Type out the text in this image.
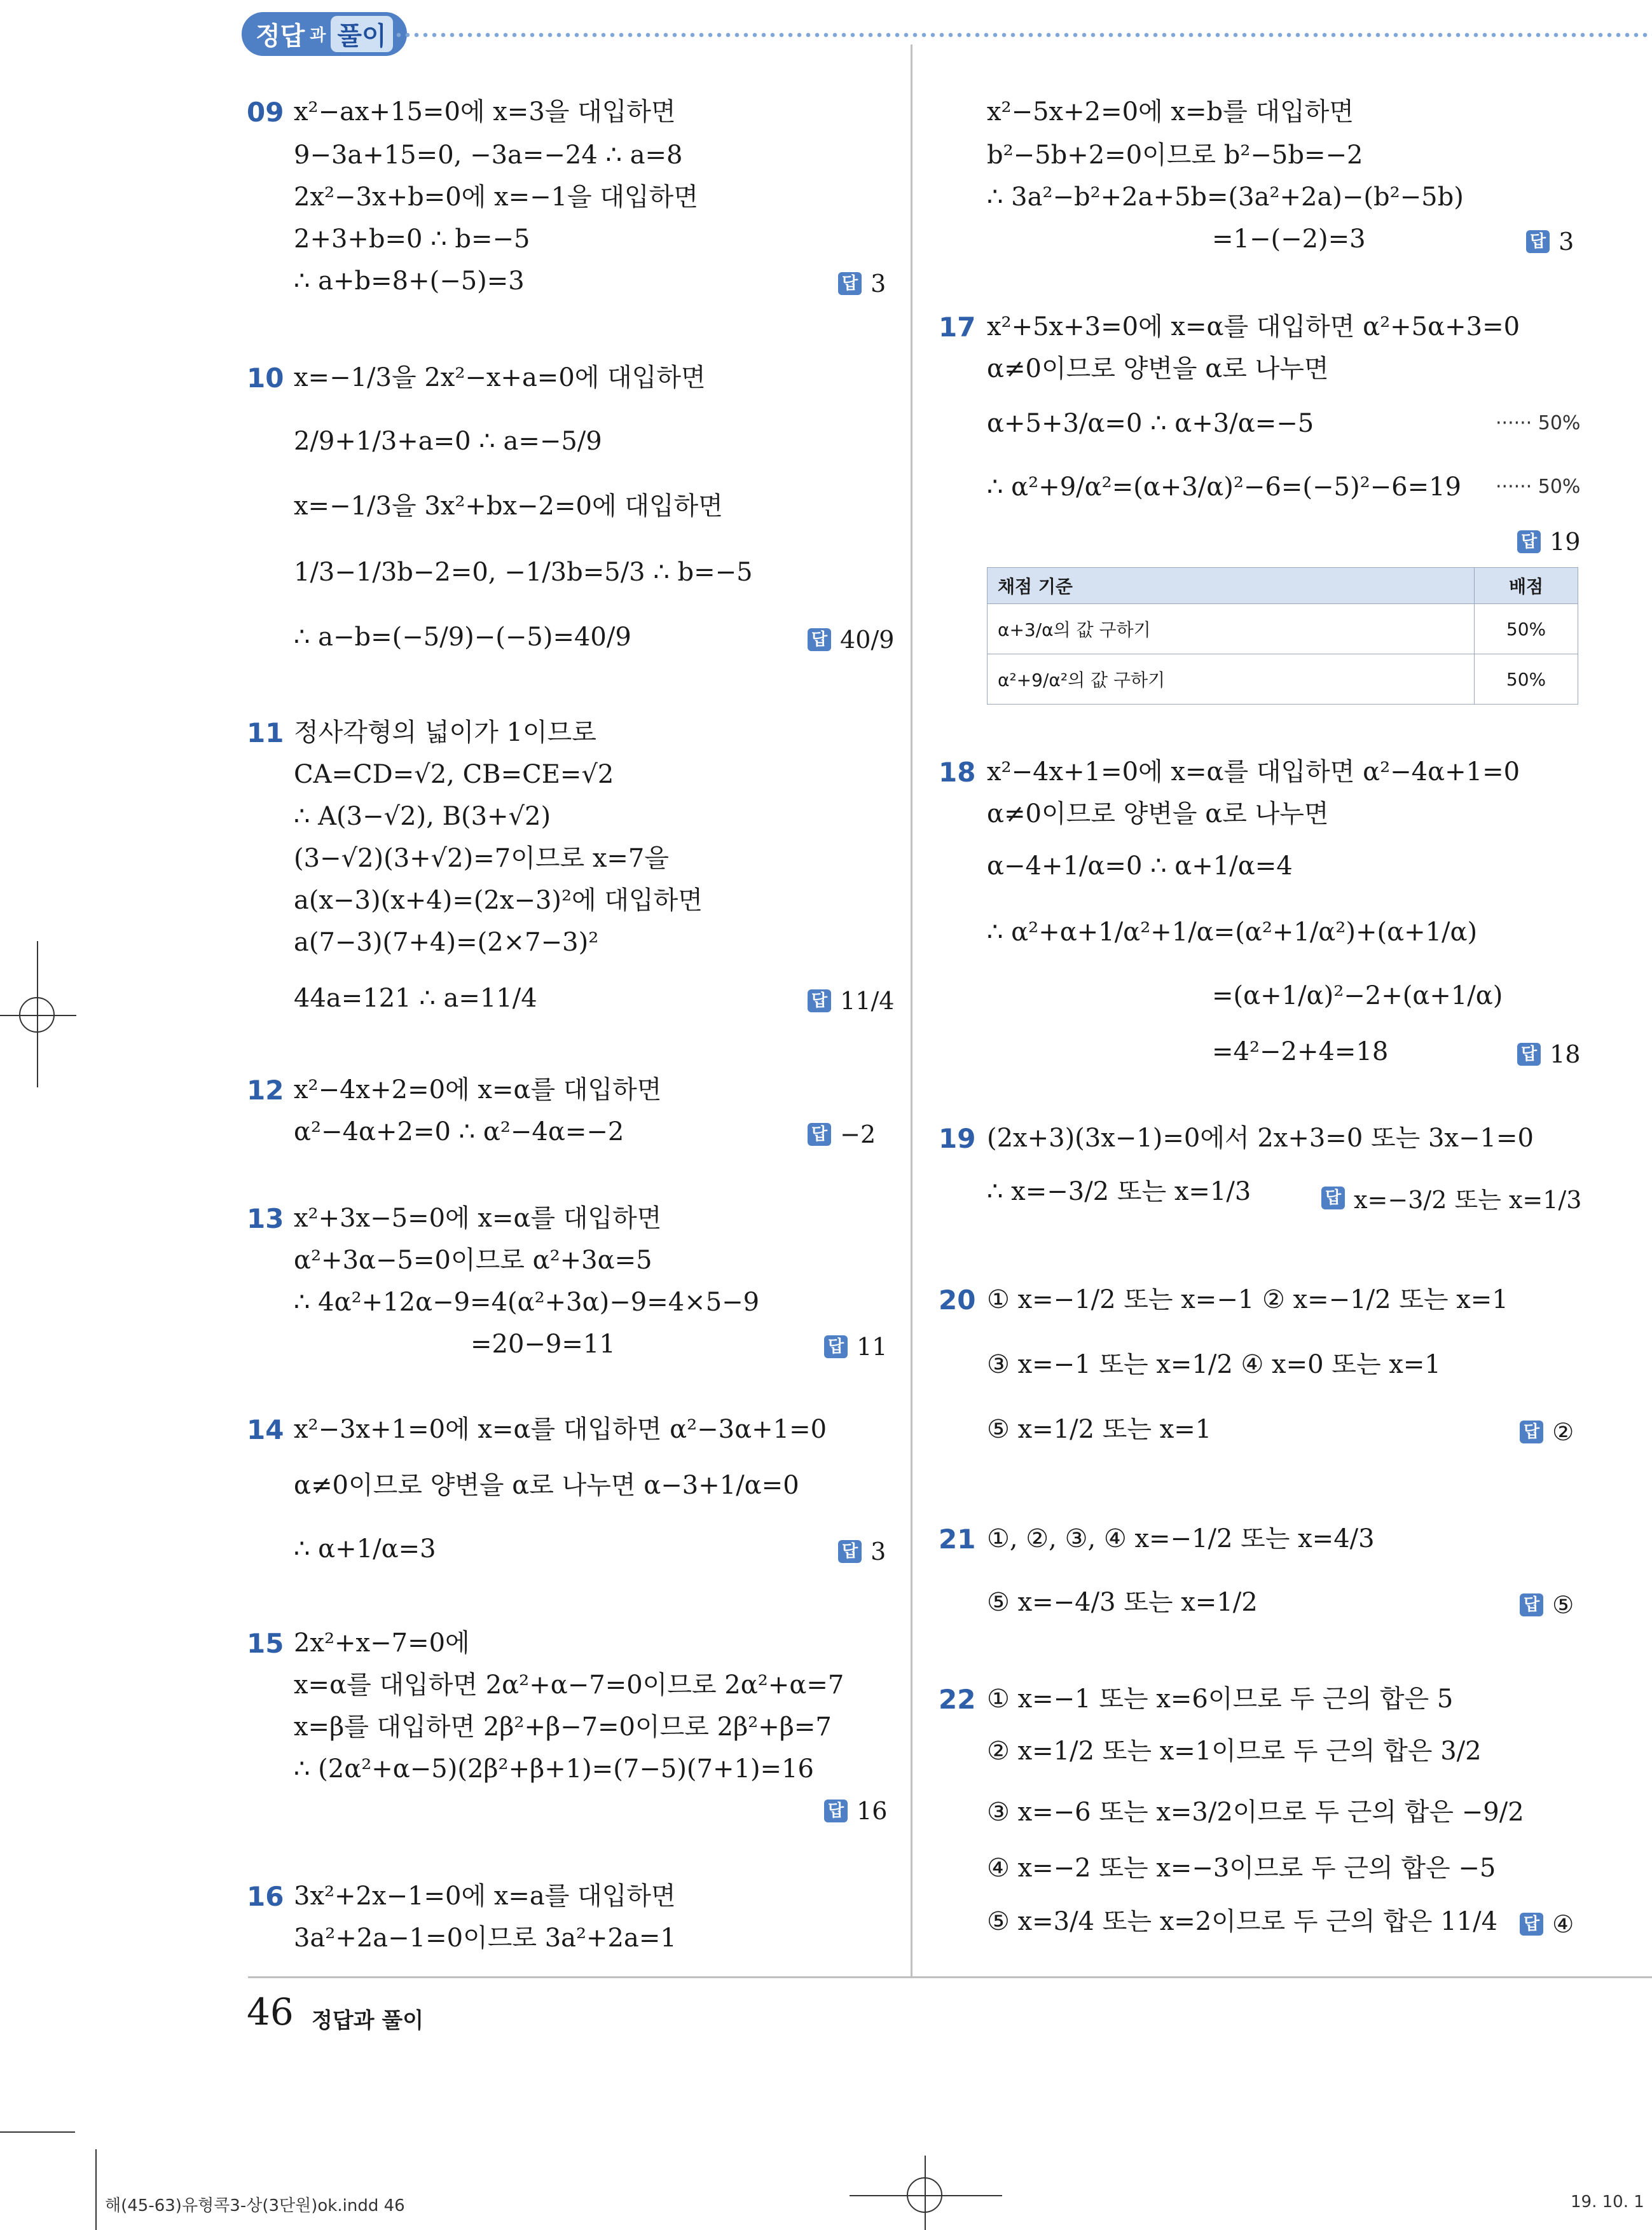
정답 과 풀이
09 x²−ax+15=0에 x=3을 대입하면
9−3a+15=0, −3a=−24 ∴ a=8
2x²−3x+b=0에 x=−1을 대입하면
2+3+b=0 ∴ b=−5
∴ a+b=8+(−5)=3	답 3
10 x=−1/3을 2x²−x+a=0에 대입하면
2/9+1/3+a=0 ∴ a=−5/9
x=−1/3을 3x²+bx−2=0에 대입하면
1/3−1/3b−2=0, −1/3b=5/3 ∴ b=−5
∴ a−b=(−5/9)−(−5)=40/9	답 40/9
11 정사각형의 넓이가 1이므로
CA=CD=√2, CB=CE=√2
∴ A(3−√2), B(3+√2)
(3−√2)(3+√2)=7이므로 x=7을
a(x−3)(x+4)=(2x−3)²에 대입하면
a(7−3)(7+4)=(2×7−3)²
44a=121 ∴ a=11/4	답 11/4
12 x²−4x+2=0에 x=α를 대입하면
α²−4α+2=0 ∴ α²−4α=−2	답 −2
13 x²+3x−5=0에 x=α를 대입하면
α²+3α−5=0이므로 α²+3α=5
∴ 4α²+12α−9=4(α²+3α)−9=4×5−9
=20−9=11	답 11
14 x²−3x+1=0에 x=α를 대입하면 α²−3α+1=0
α≠0이므로 양변을 α로 나누면 α−3+1/α=0
∴ α+1/α=3	답 3
15 2x²+x−7=0에
x=α를 대입하면 2α²+α−7=0이므로 2α²+α=7
x=β를 대입하면 2β²+β−7=0이므로 2β²+β=7
∴ (2α²+α−5)(2β²+β+1)=(7−5)(7+1)=16
답 16
16 3x²+2x−1=0에 x=a를 대입하면
3a²+2a−1=0이므로 3a²+2a=1
x²−5x+2=0에 x=b를 대입하면
b²−5b+2=0이므로 b²−5b=−2
∴ 3a²−b²+2a+5b=(3a²+2a)−(b²−5b)
=1−(−2)=3	답 3
17 x²+5x+3=0에 x=α를 대입하면 α²+5α+3=0
α≠0이므로 양변을 α로 나누면
α+5+3/α=0 ∴ α+3/α=−5	······ 50%
∴ α²+9/α²=(α+3/α)²−6=(−5)²−6=19 ······ 50%
답 19
채점 기준	배점
α+3/α의 값 구하기	50%
α²+9/α²의 값 구하기	50%
18 x²−4x+1=0에 x=α를 대입하면 α²−4α+1=0
α≠0이므로 양변을 α로 나누면
α−4+1/α=0 ∴ α+1/α=4
∴ α²+α+1/α²+1/α=(α²+1/α²)+(α+1/α)
=(α+1/α)²−2+(α+1/α)
=4²−2+4=18	답 18
19 (2x+3)(3x−1)=0에서 2x+3=0 또는 3x−1=0
∴ x=−3/2 또는 x=1/3	답 x=−3/2 또는 x=1/3
20 ① x=−1/2 또는 x=−1 ② x=−1/2 또는 x=1
③ x=−1 또는 x=1/2 ④ x=0 또는 x=1
⑤ x=1/2 또는 x=1	답 ②
21 ①, ②, ③, ④ x=−1/2 또는 x=4/3
⑤ x=−4/3 또는 x=1/2	답 ⑤
22 ① x=−1 또는 x=6이므로 두 근의 합은 5
② x=1/2 또는 x=1이므로 두 근의 합은 3/2
③ x=−6 또는 x=3/2이므로 두 근의 합은 −9/2
④ x=−2 또는 x=−3이므로 두 근의 합은 −5
⑤ x=3/4 또는 x=2이므로 두 근의 합은 11/4 답 ④
46 정답과 풀이
해(45-63)유형콕3-상(3단원)ok.indd 46	19. 10. 1
